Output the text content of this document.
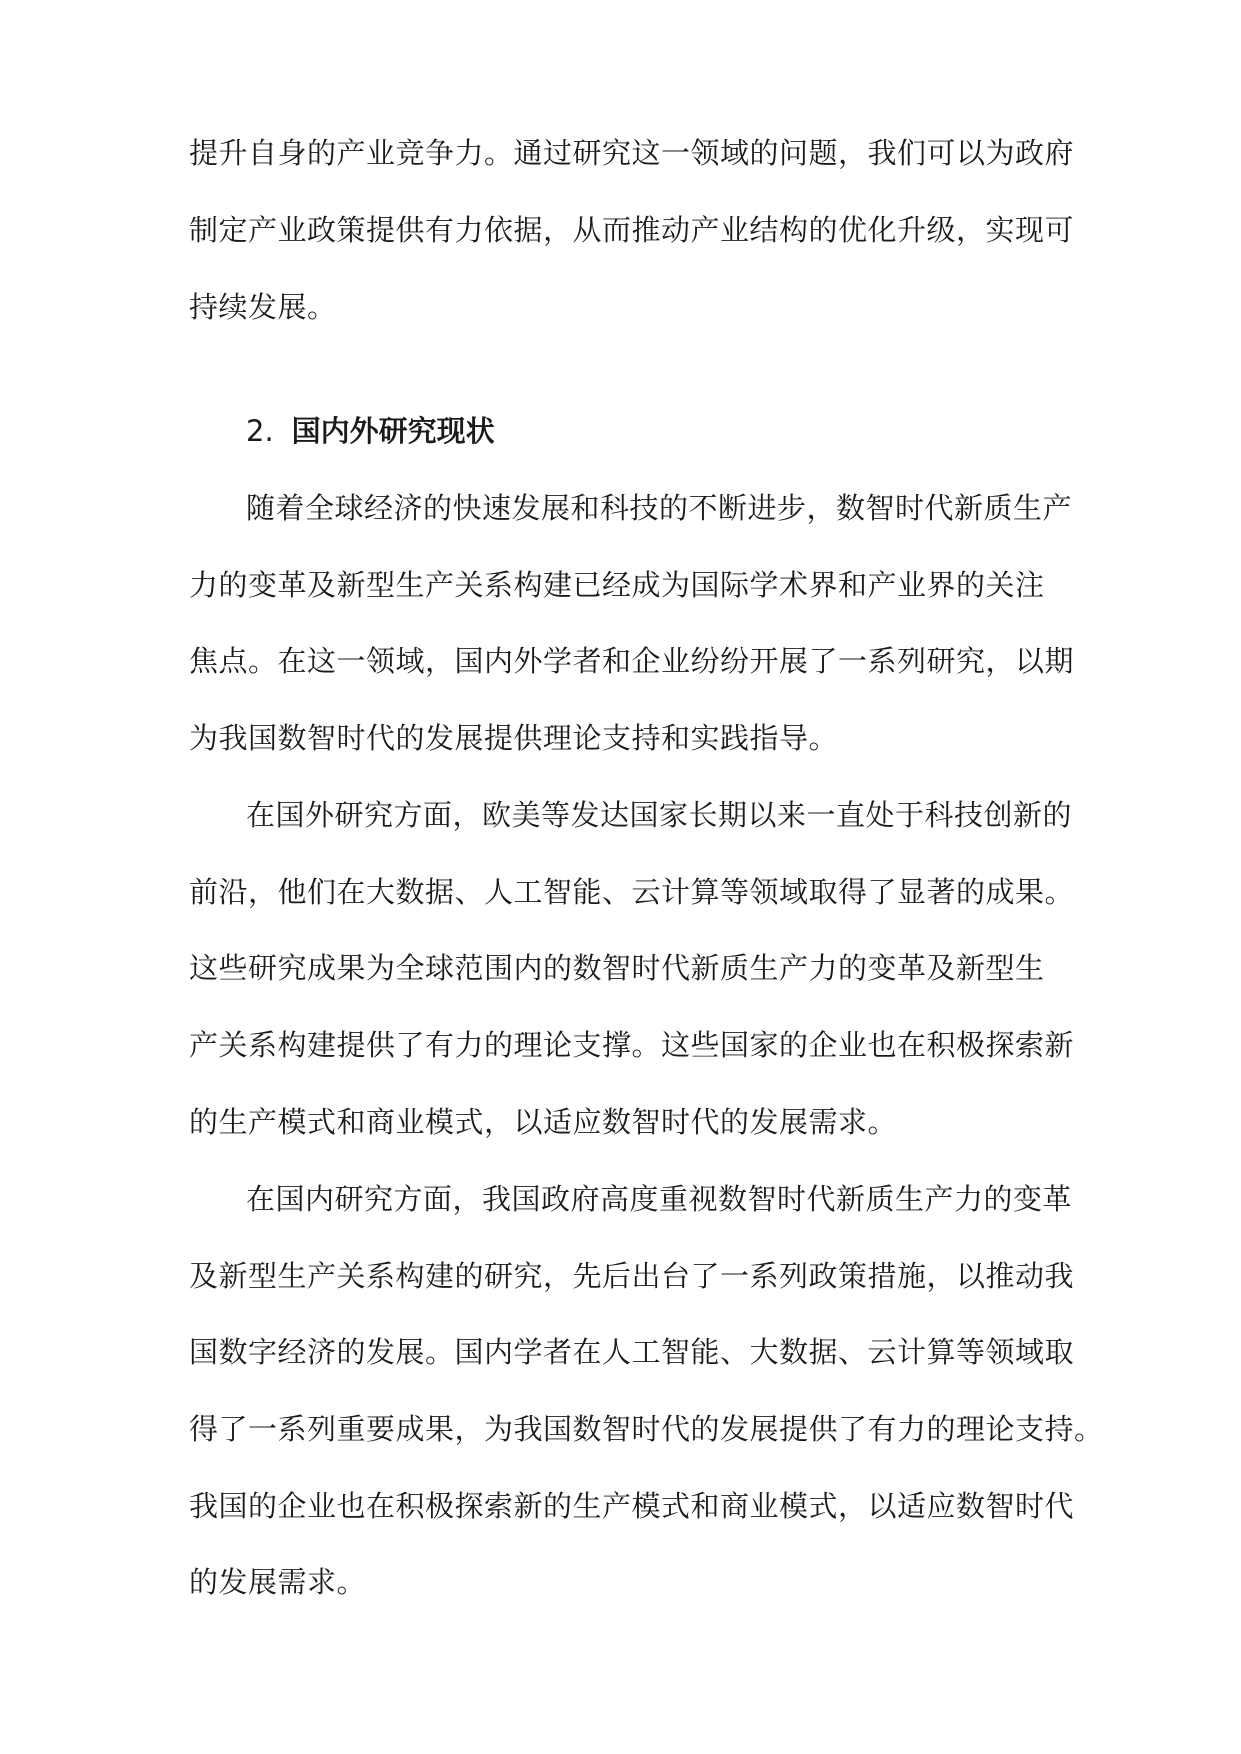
提升自身的产业竞争力。通过研究这一领域的问题，我们可以为政府
制定产业政策提供有力依据，从而推动产业结构的优化升级，实现可
持续发展。
2. 国内外研究现状
随着全球经济的快速发展和科技的不断进步，数智时代新质生产
力的变革及新型生产关系构建已经成为国际学术界和产业界的关注
焦点。在这一领域，国内外学者和企业纷纷开展了一系列研究，以期
为我国数智时代的发展提供理论支持和实践指导。
在国外研究方面，欧美等发达国家长期以来一直处于科技创新的
前沿，他们在大数据、人工智能、云计算等领域取得了显著的成果。
这些研究成果为全球范围内的数智时代新质生产力的变革及新型生
产关系构建提供了有力的理论支撑。这些国家的企业也在积极探索新
的生产模式和商业模式，以适应数智时代的发展需求。
在国内研究方面，我国政府高度重视数智时代新质生产力的变革
及新型生产关系构建的研究，先后出台了一系列政策措施，以推动我
国数字经济的发展。国内学者在人工智能、大数据、云计算等领域取
得了一系列重要成果，为我国数智时代的发展提供了有力的理论支持。
我国的企业也在积极探索新的生产模式和商业模式，以适应数智时代
的发展需求。
